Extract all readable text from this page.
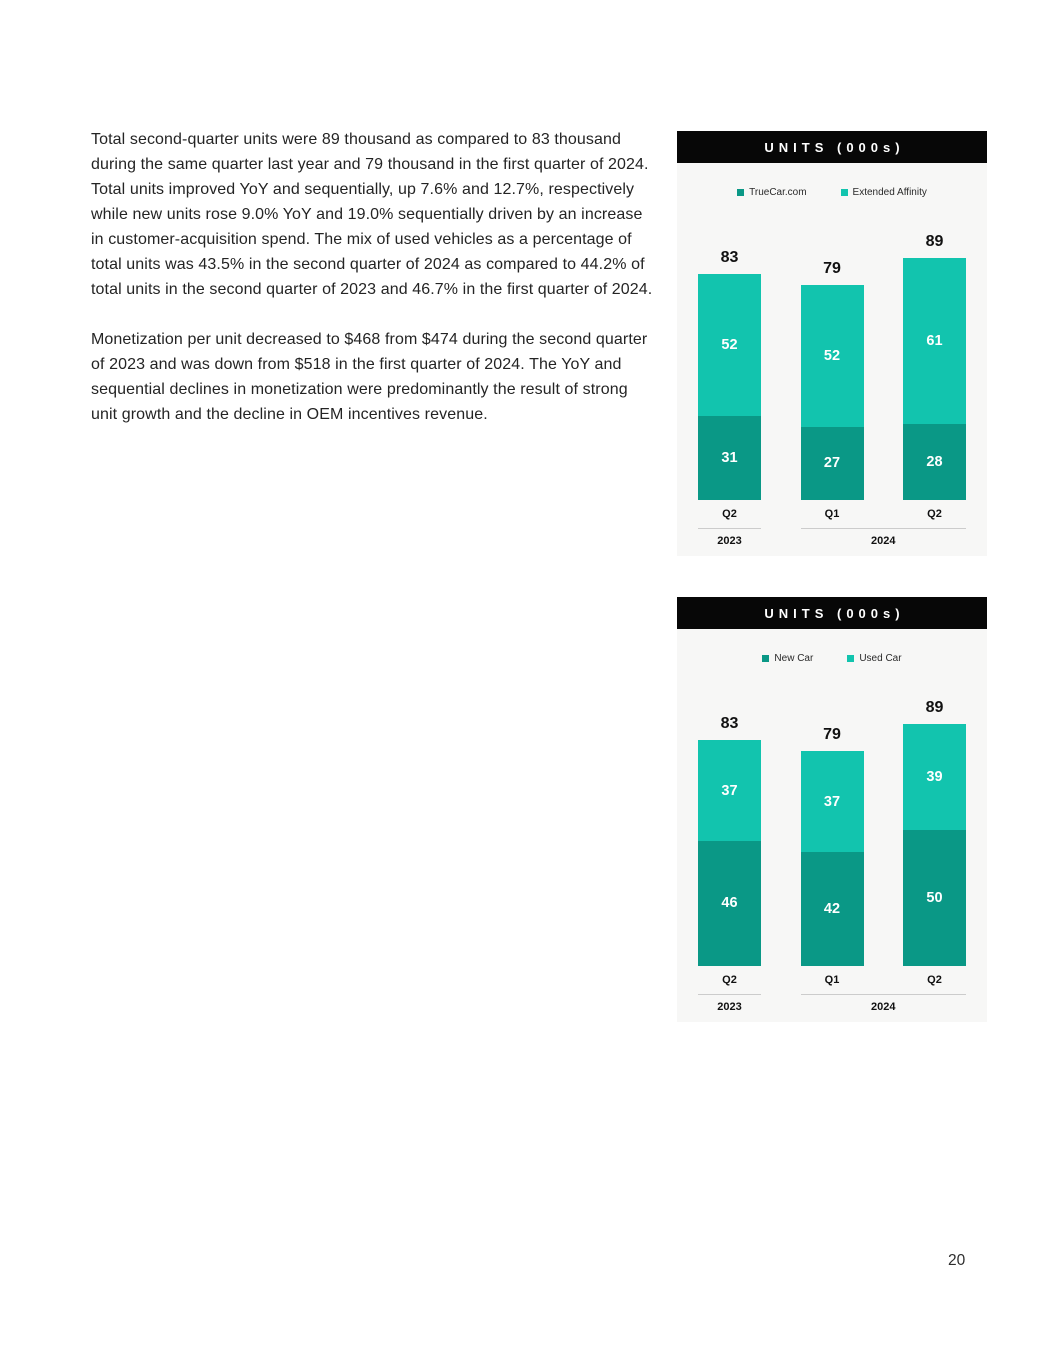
Total second-quarter units were 89 thousand as compared to 83 thousand during the same quarter last year and 79 thousand in the first quarter of 2024. Total units improved YoY and sequentially, up 7.6% and 12.7%, respectively while new units rose 9.0% YoY and 19.0% sequentially driven by an increase in customer-acquisition spend. The mix of used vehicles as a percentage of total units was 43.5% in the second quarter of 2024 as compared to 44.2% of total units in the second quarter of 2023 and 46.7% in the first quarter of 2024.

Monetization per unit decreased to $468 from $474 during the second quarter of 2023 and was down from $518 in the first quarter of 2024. The YoY and sequential declines in monetization were predominantly the result of strong unit growth and the decline in OEM incentives revenue.

UNITS (000s)
TrueCar.com	Extended Affinity
83
52
31
79
52
27
89
61
28
Q2	Q1	Q2
2023	2024
UNITS (000s)
New Car	Used Car
83
37
46
79
37
42
89
39
50
Q2	Q1	Q2
2023	2024
20
